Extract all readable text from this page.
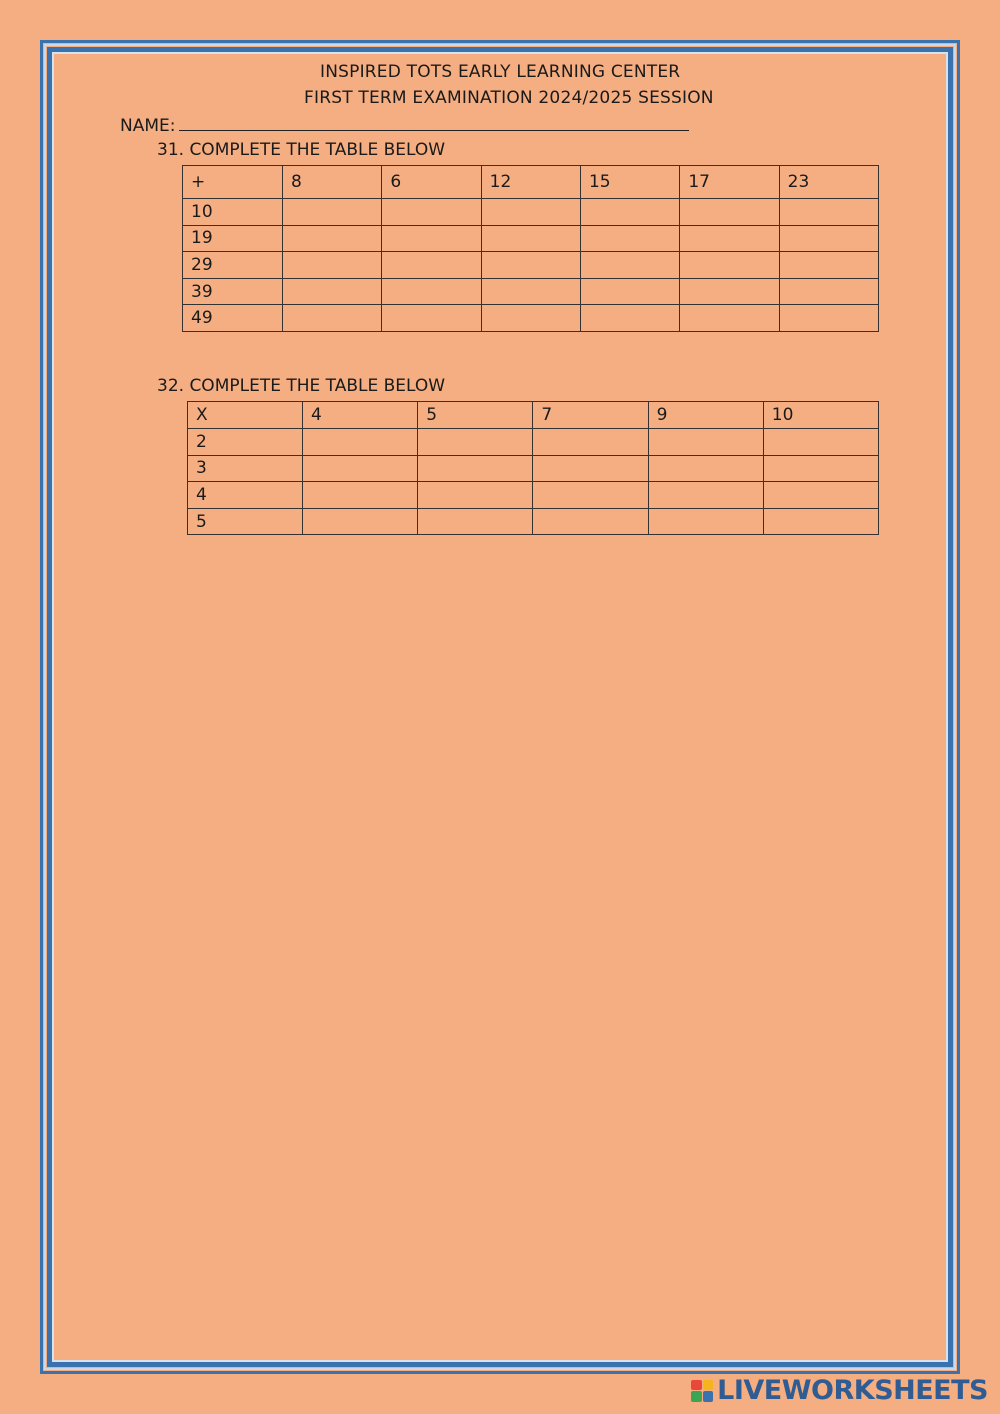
INSPIRED TOTS EARLY LEARNING CENTER
FIRST TERM EXAMINATION 2024/2025 SESSION
NAME:
31. COMPLETE THE TABLE BELOW
+	8	6	12	15	17	23
10						
19						
29						
39						
49						
32. COMPLETE THE TABLE BELOW
X	4	5	7	9	10
2					
3					
4					
5					
LIVEWORKSHEETS
